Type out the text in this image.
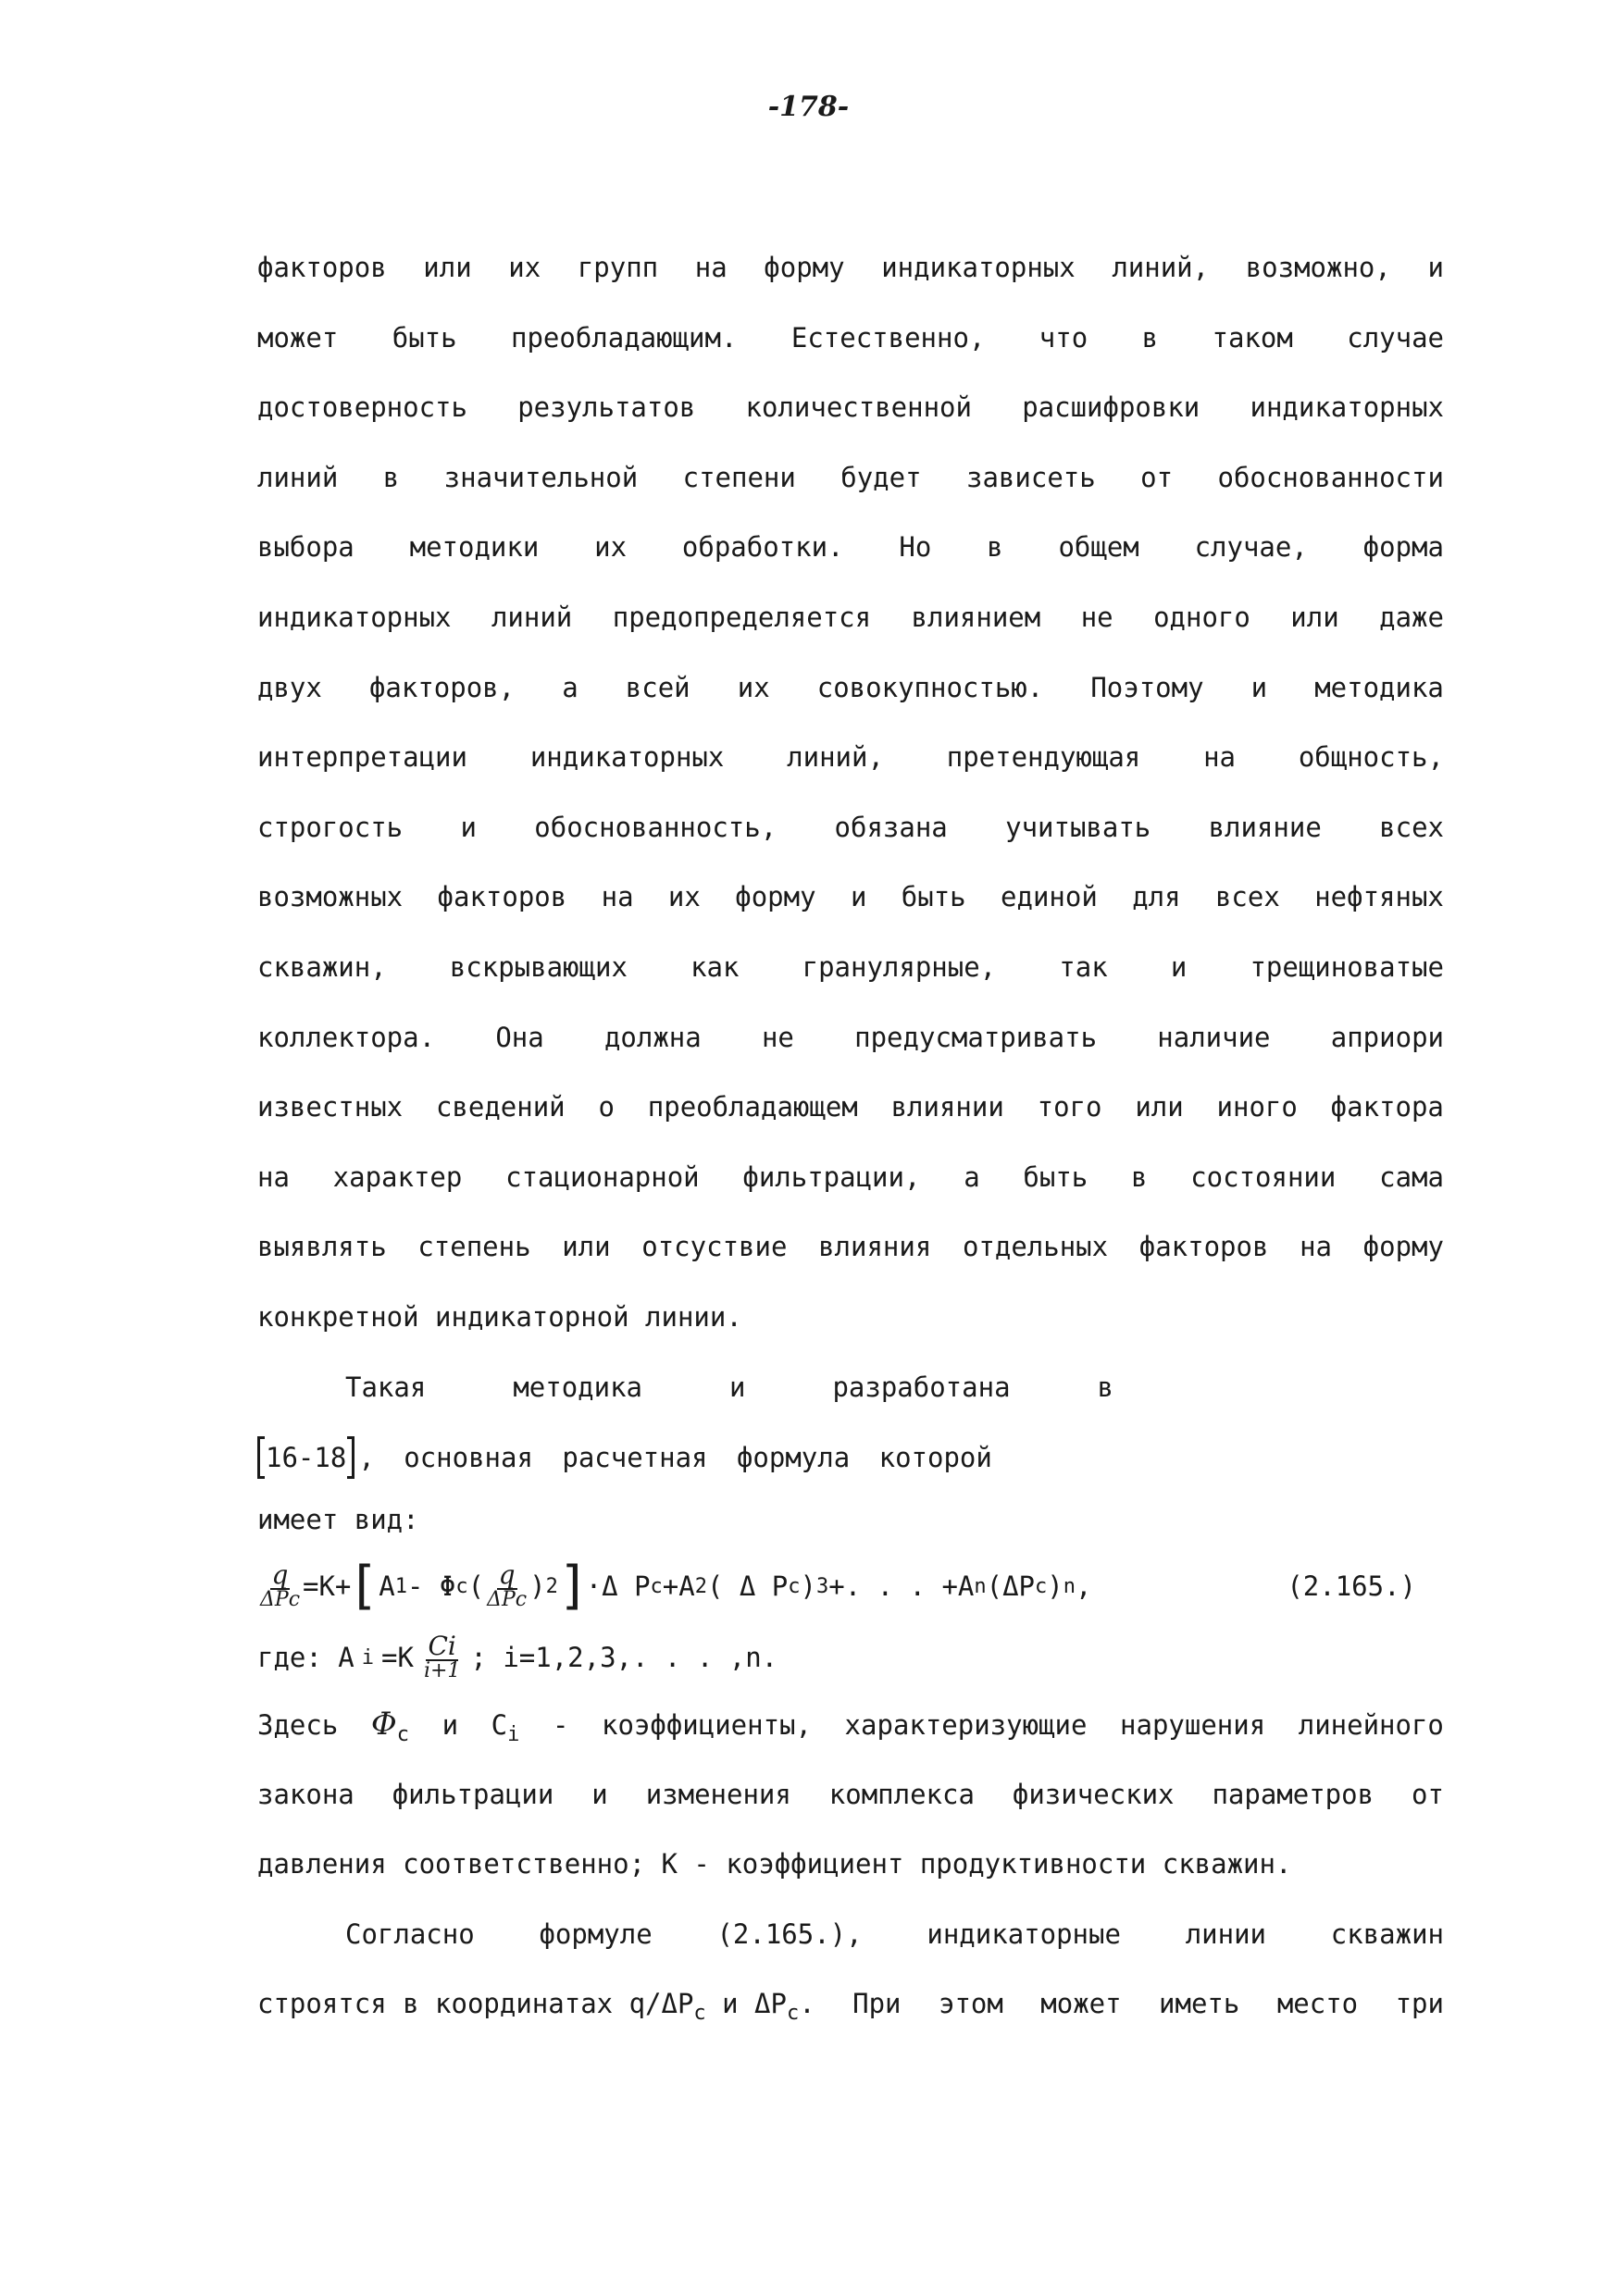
-178-
факторов или их групп на форму индикаторных линий, возможно, и
может быть преобладающим. Естественно, что в таком случае
достоверность результатов количественной расшифровки индикаторных
линий в значительной степени будет зависеть от обоснованности
выбора методики их обработки. Но в общем случае, форма
индикаторных линий предопределяется влиянием не одного или даже
двух факторов, а всей их совокупностью. Поэтому и методика
интерпретации индикаторных линий, претендующая на общность,
строгость и обоснованность, обязана учитывать влияние всех
возможных факторов на их форму и быть единой для всех нефтяных
скважин, вскрывающих как гранулярные, так и трещиноватые
коллектора. Она должна не предусматривать наличие априори
известных сведений о преобладающем влиянии того или иного фактора
на характер стационарной фильтрации, а быть в состоянии сама
выявлять степень или отсуствие влияния отдельных факторов на форму
конкретной индикаторной линии.
Такая	методика	и	разработана	в
16-18 , основная расчетная формула которой
имеет вид:
$\frac{q}{\text{ΔPc}} =K+$ [ A 1 - Φ c ( $\frac{q}{\text{ΔPc}}$ ) 2 ] ·Δ P c +A 2 ( Δ P c ) 3 +. . . +A n (ΔP c ) n ,	(2.165.)
где: A $i =K \frac{Ci}{i+1}$ ; i=1,2,3,. . . ,n.
Здесь $\Phi_c$ и $C_i$ - коэффициенты, характеризующие нарушения линейного
закона фильтрации и изменения комплекса физических параметров от
давления соответственно; K - коэффициент продуктивности скважин.
Согласно формуле (2.165.), индикаторные линии скважин
строятся в координатах $q/\Delta P_c$ и $\Delta P_c$. При этом может иметь место три
